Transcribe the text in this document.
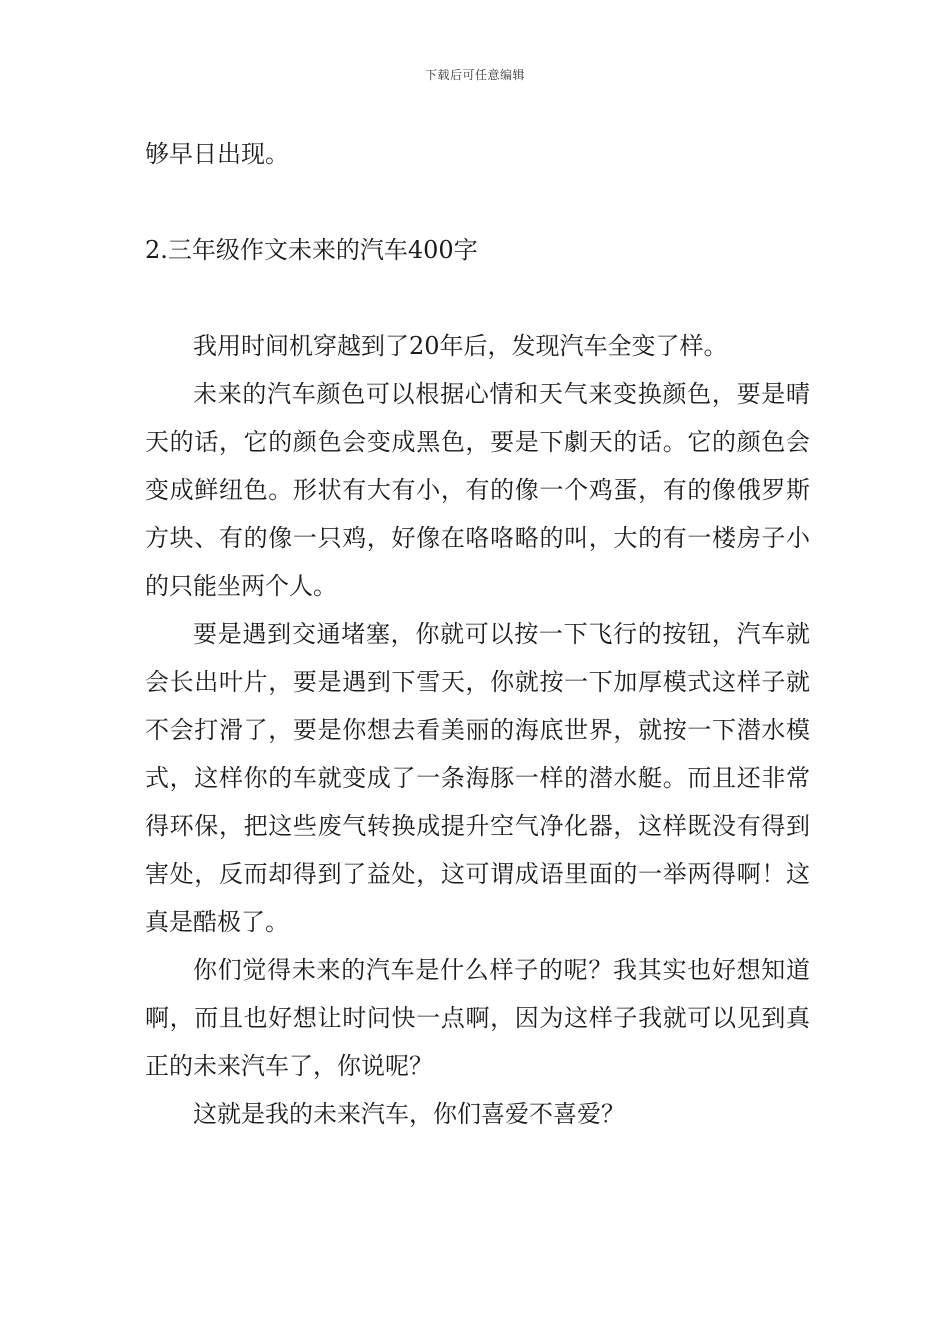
下载后可任意编辑

够早日出现。

2.三年级作文未来的汽车400字

我用时间机穿越到了20年后，发现汽车全变了样。

未来的汽车颜色可以根据心情和天气来变换颜色，要是晴天的话，它的颜色会变成黑色，要是下劇天的话。它的颜色会变成鲜纽色。形状有大有小，有的像一个鸡蛋，有的像俄罗斯方块、有的像一只鸡，好像在咯咯略的叫，大的有一楼房子小的只能坐两个人。

要是遇到交通堵塞，你就可以按一下飞行的按钮，汽车就会长出叶片，要是遇到下雪天，你就按一下加厚模式这样子就不会打滑了，要是你想去看美丽的海底世界，就按一下潜水模式，这样你的车就变成了一条海豚一样的潜水艇。而且还非常得环保，把这些废气转换成提升空气净化器，这样既没有得到害处，反而却得到了益处，这可谓成语里面的一举两得啊！这真是酷极了。

你们觉得未来的汽车是什么样子的呢？我其实也好想知道啊，而且也好想让时问快一点啊，因为这样子我就可以见到真正的未来汽车了，你说呢？

这就是我的未来汽车，你们喜爱不喜爱？
